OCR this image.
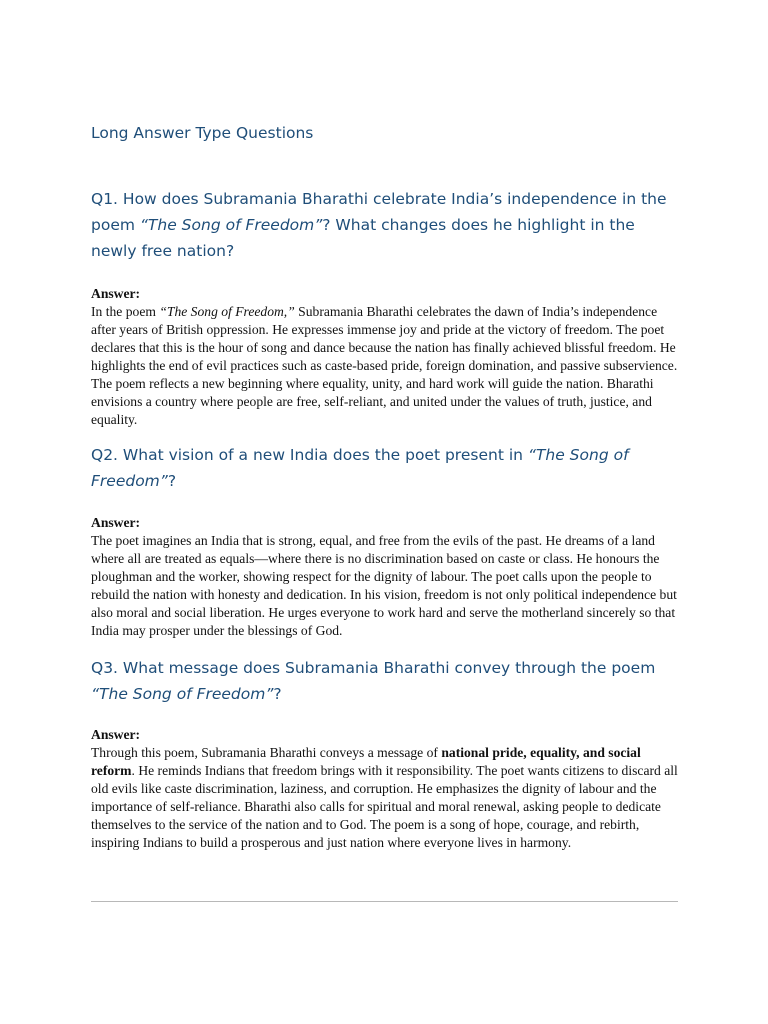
Long Answer Type Questions
Q1. How does Subramania Bharathi celebrate India’s independence in the poem “The Song of Freedom”? What changes does he highlight in the newly free nation?
Answer:
In the poem “The Song of Freedom,” Subramania Bharathi celebrates the dawn of India’s independence after years of British oppression. He expresses immense joy and pride at the victory of freedom. The poet declares that this is the hour of song and dance because the nation has finally achieved blissful freedom. He highlights the end of evil practices such as caste-based pride, foreign domination, and passive subservience. The poem reflects a new beginning where equality, unity, and hard work will guide the nation. Bharathi envisions a country where people are free, self-reliant, and united under the values of truth, justice, and equality.
Q2. What vision of a new India does the poet present in “The Song of Freedom”?
Answer:
The poet imagines an India that is strong, equal, and free from the evils of the past. He dreams of a land where all are treated as equals—where there is no discrimination based on caste or class. He honours the ploughman and the worker, showing respect for the dignity of labour. The poet calls upon the people to rebuild the nation with honesty and dedication. In his vision, freedom is not only political independence but also moral and social liberation. He urges everyone to work hard and serve the motherland sincerely so that India may prosper under the blessings of God.
Q3. What message does Subramania Bharathi convey through the poem “The Song of Freedom”?
Answer:
Through this poem, Subramania Bharathi conveys a message of national pride, equality, and social reform. He reminds Indians that freedom brings with it responsibility. The poet wants citizens to discard all old evils like caste discrimination, laziness, and corruption. He emphasizes the dignity of labour and the importance of self-reliance. Bharathi also calls for spiritual and moral renewal, asking people to dedicate themselves to the service of the nation and to God. The poem is a song of hope, courage, and rebirth, inspiring Indians to build a prosperous and just nation where everyone lives in harmony.
